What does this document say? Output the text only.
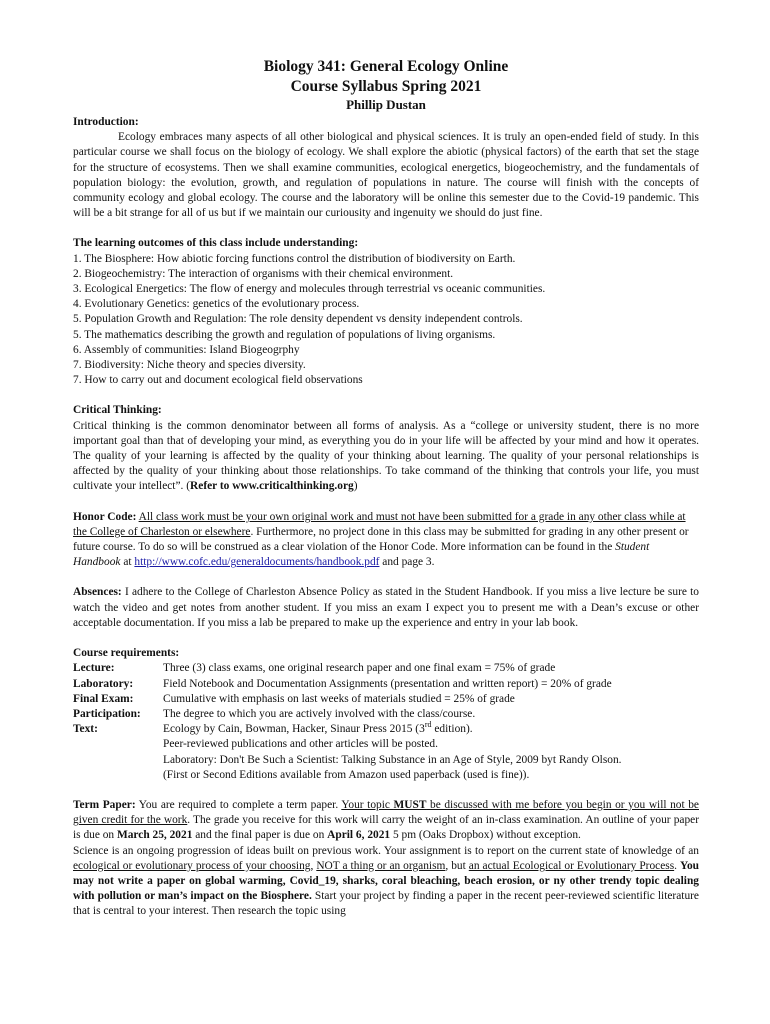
Biology 341: General Ecology Online
Course Syllabus Spring 2021
Phillip Dustan

Introduction:

Ecology embraces many aspects of all other biological and physical sciences. It is truly an open-ended field of study. In this particular course we shall focus on the biology of ecology. We shall explore the abiotic (physical factors) of the earth that set the stage for the structure of ecosystems. Then we shall examine communities, ecological energetics, biogeochemistry, and the fundamentals of population biology: the evolution, growth, and regulation of populations in nature. The course will finish with the concepts of community ecology and global ecology. The course and the laboratory will be online this semester due to the Covid-19 pandemic. This will be a bit strange for all of us but if we maintain our curiousity and ingenuity we should do just fine.

The learning outcomes of this class include understanding:

1. The Biosphere: How abiotic forcing functions control the distribution of biodiversity on Earth.
2. Biogeochemistry: The interaction of organisms with their chemical environment.
3. Ecological Energetics: The flow of energy and molecules through terrestrial vs oceanic communities.
4. Evolutionary Genetics: genetics of the evolutionary process.
5. Population Growth and Regulation: The role density dependent vs density independent controls.
5. The mathematics describing the growth and regulation of populations of living organisms.
6. Assembly of communities: Island Biogeogrphy
7. Biodiversity: Niche theory and species diversity.
7. How to carry out and document ecological field observations

Critical Thinking:

Critical thinking is the common denominator between all forms of analysis. As a “college or university student, there is no more important goal than that of developing your mind, as everything you do in your life will be affected by your mind and how it operates. The quality of your learning is affected by the quality of your thinking about learning. The quality of your personal relationships is affected by the quality of your thinking about those relationships. To take command of the thinking that controls your life, you must cultivate your intellect”. (Refer to www.criticalthinking.org)

Honor Code: All class work must be your own original work and must not have been submitted for a grade in any other class while at the College of Charleston or elsewhere. Furthermore, no project done in this class may be submitted for grading in any other present or future course. To do so will be construed as a clear violation of the Honor Code. More information can be found in the Student Handbook at http://www.cofc.edu/generaldocuments/handbook.pdf and page 3.

Absences: I adhere to the College of Charleston Absence Policy as stated in the Student Handbook. If you miss a live lecture be sure to watch the video and get notes from another student. If you miss an exam I expect you to present me with a Dean’s excuse or other acceptable documentation. If you miss a lab be prepared to make up the experience and entry in your lab book.

Course requirements:

Lecture:	Three (3) class exams, one original research paper and one final exam = 75% of grade
Laboratory:	Field Notebook and Documentation Assignments (presentation and written report) = 20% of grade
Final Exam:	Cumulative with emphasis on last weeks of materials studied = 25% of grade
Participation:	The degree to which you are actively involved with the class/course.
Text:	Ecology by Cain, Bowman, Hacker, Sinaur Press 2015 (3rd edition).
	Peer-reviewed publications and other articles will be posted.
	Laboratory: Don't Be Such a Scientist: Talking Substance in an Age of Style, 2009 byt Randy Olson.
	(First or Second Editions available from Amazon used paperback (used is fine)).

Term Paper: You are required to complete a term paper. Your topic MUST be discussed with me before you begin or you will not be given credit for the work. The grade you receive for this work will carry the weight of an in-class examination. An outline of your paper is due on March 25, 2021 and the final paper is due on April 6, 2021 5 pm (Oaks Dropbox) without exception.

Science is an ongoing progression of ideas built on previous work. Your assignment is to report on the current state of knowledge of an ecological or evolutionary process of your choosing, NOT a thing or an organism, but an actual Ecological or Evolutionary Process. You may not write a paper on global warming, Covid_19, sharks, coral bleaching, beach erosion, or ny other trendy topic dealing with pollution or man’s impact on the Biosphere. Start your project by finding a paper in the recent peer-reviewed scientific literature that is central to your interest. Then research the topic using
